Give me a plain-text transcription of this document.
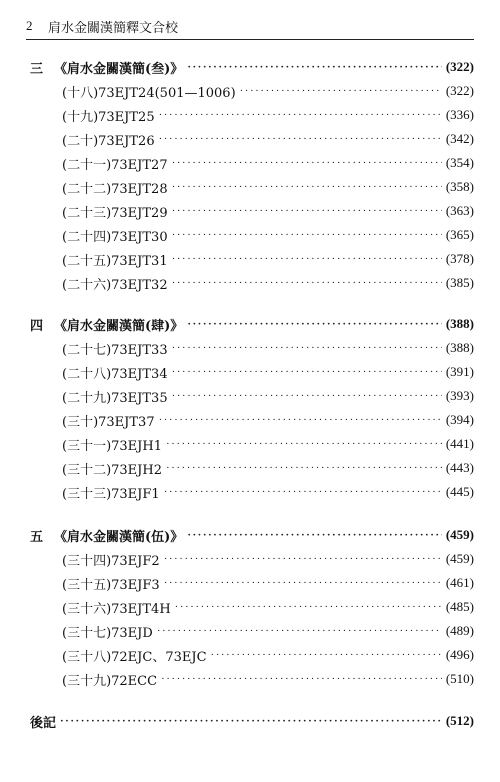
2	肩水金關漢簡釋文合校
三 《肩水金關漢簡(叁)》 ·····	(322)
(十八)73EJT24(501—1006) ·····	(322)
(十九)73EJT25 ·····	(336)
(二十)73EJT26 ·····	(342)
(二十一)73EJT27 ·····	(354)
(二十二)73EJT28 ·····	(358)
(二十三)73EJT29 ·····	(363)
(二十四)73EJT30 ·····	(365)
(二十五)73EJT31 ·····	(378)
(二十六)73EJT32 ·····	(385)
四 《肩水金關漢簡(肆)》 ·····	(388)
(二十七)73EJT33 ·····	(388)
(二十八)73EJT34 ·····	(391)
(二十九)73EJT35 ·····	(393)
(三十)73EJT37 ·····	(394)
(三十一)73EJH1 ·····	(441)
(三十二)73EJH2 ·····	(443)
(三十三)73EJF1 ·····	(445)
五 《肩水金關漢簡(伍)》 ·····	(459)
(三十四)73EJF2 ·····	(459)
(三十五)73EJF3 ·····	(461)
(三十六)73EJT4H ·····	(485)
(三十七)73EJD ·····	(489)
(三十八)72EJC、73EJC ·····	(496)
(三十九)72ECC ·····	(510)
後記 ·····	(512)
